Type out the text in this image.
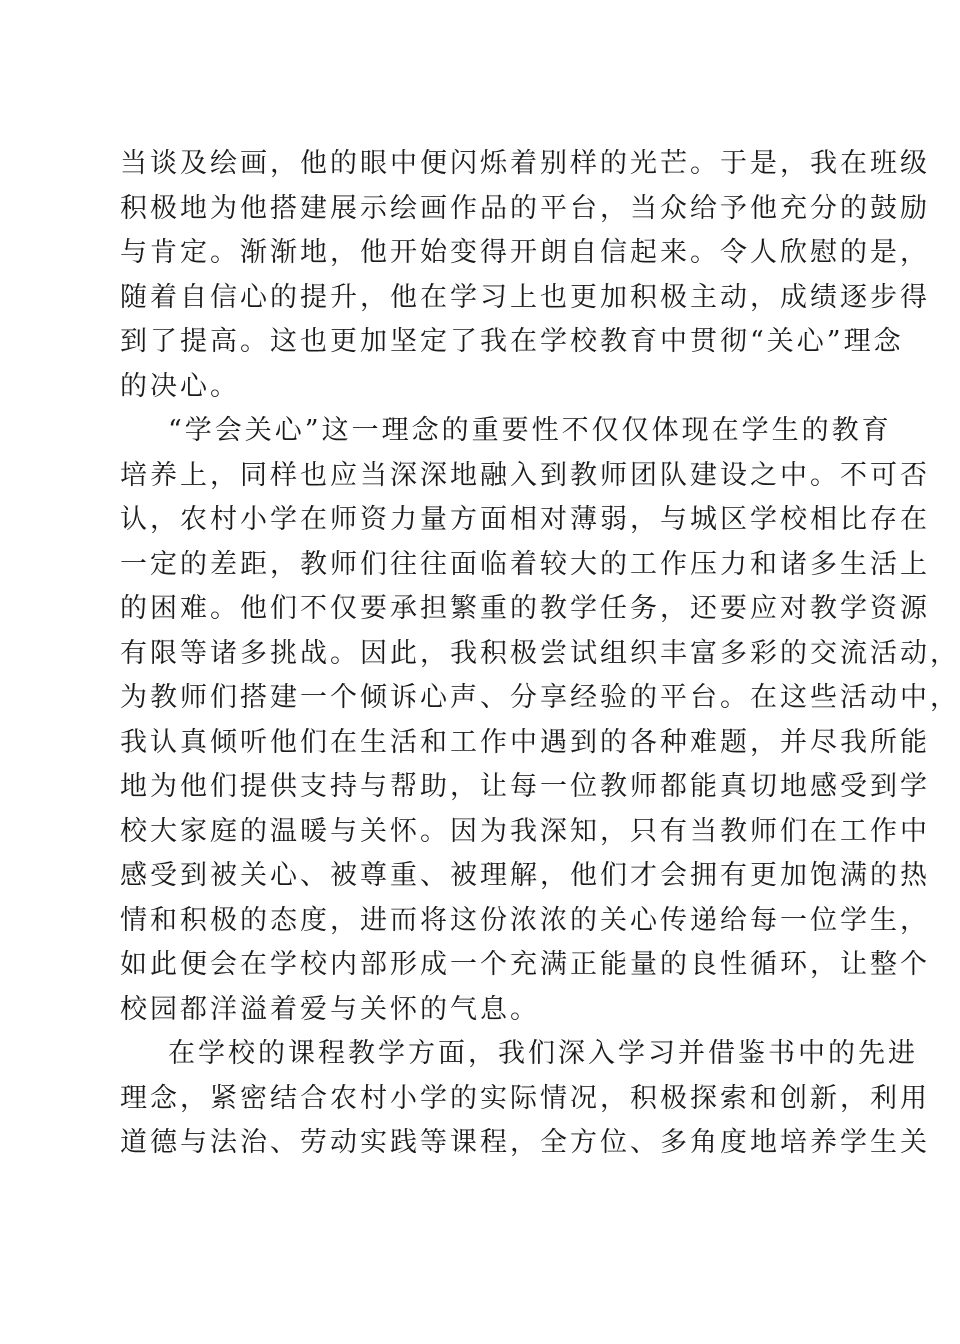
当谈及绘画，他的眼中便闪烁着别样的光芒。于是，我在班级
积极地为他搭建展示绘画作品的平台，当众给予他充分的鼓励
与肯定。渐渐地，他开始变得开朗自信起来。令人欣慰的是，
随着自信心的提升，他在学习上也更加积极主动，成绩逐步得
到了提高。这也更加坚定了我在学校教育中贯彻“关心”理念
的决心。
“学会关心”这一理念的重要性不仅仅体现在学生的教育
培养上，同样也应当深深地融入到教师团队建设之中。不可否
认，农村小学在师资力量方面相对薄弱，与城区学校相比存在
一定的差距，教师们往往面临着较大的工作压力和诸多生活上
的困难。他们不仅要承担繁重的教学任务，还要应对教学资源
有限等诸多挑战。因此，我积极尝试组织丰富多彩的交流活动，
为教师们搭建一个倾诉心声、分享经验的平台。在这些活动中，
我认真倾听他们在生活和工作中遇到的各种难题，并尽我所能
地为他们提供支持与帮助，让每一位教师都能真切地感受到学
校大家庭的温暖与关怀。因为我深知，只有当教师们在工作中
感受到被关心、被尊重、被理解，他们才会拥有更加饱满的热
情和积极的态度，进而将这份浓浓的关心传递给每一位学生，
如此便会在学校内部形成一个充满正能量的良性循环，让整个
校园都洋溢着爱与关怀的气息。
在学校的课程教学方面，我们深入学习并借鉴书中的先进
理念，紧密结合农村小学的实际情况，积极探索和创新，利用
道德与法治、劳动实践等课程，全方位、多角度地培养学生关
